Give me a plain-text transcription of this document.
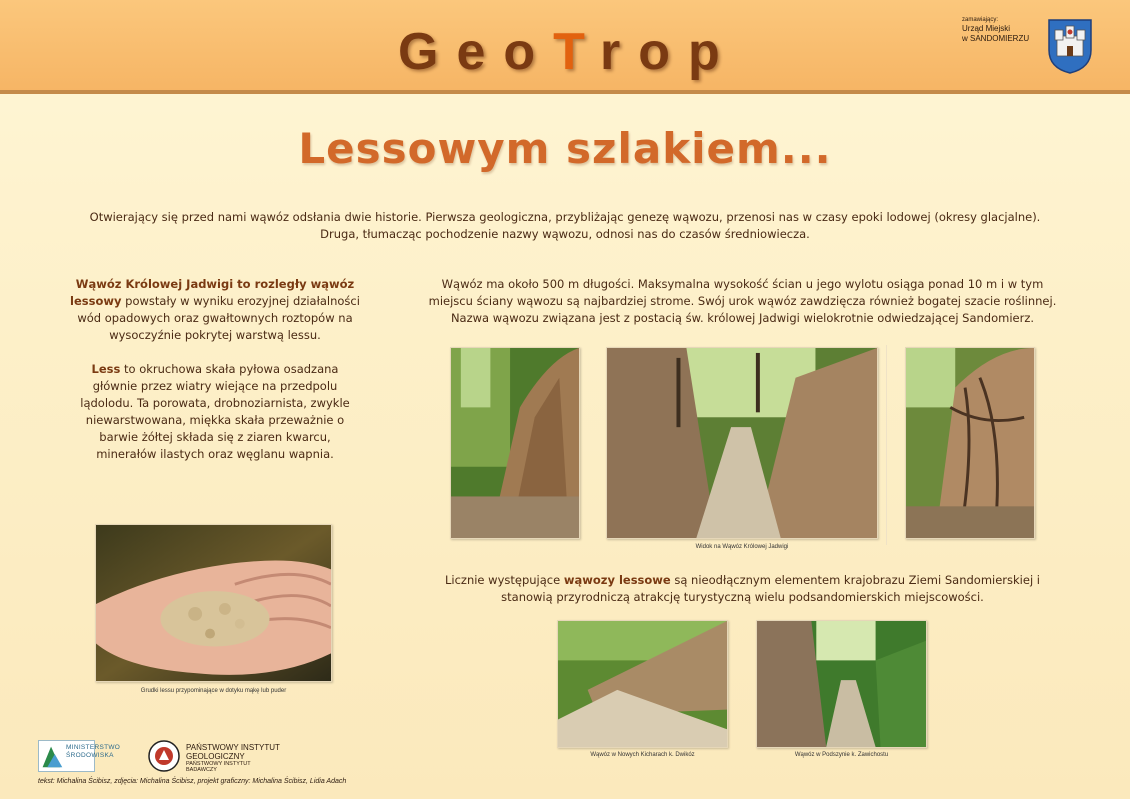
GeoTrop
zamawiający:
Urząd Miejski
w SANDOMIERZU
Lessowym szlakiem...
Otwierający się przed nami wąwóz odsłania dwie historie. Pierwsza geologiczna, przybliżając genezę wąwozu, przenosi nas w czasy epoki lodowej (okresy glacjalne).
Druga, tłumacząc pochodzenie nazwy wąwozu, odnosi nas do czasów średniowiecza.

Wąwóz Królowej Jadwigi to rozległy wąwóz lessowy powstały w wyniku erozyjnej działalności wód opadowych oraz gwałtownych roztopów na wysoczyźnie pokrytej warstwą lessu.

Less to okruchowa skała pyłowa osadzana głównie przez wiatry wiejące na przedpolu lądolodu. Ta porowata, drobnoziarnista, zwykle niewarstwowana, miękka skała przeważnie o barwie żółtej składa się z ziaren kwarcu, minerałów ilastych oraz węglanu wapnia.

Wąwóz ma około 500 m długości. Maksymalna wysokość ścian u jego wylotu osiąga ponad 10 m i w tym miejscu ściany wąwozu są najbardziej strome. Swój urok wąwóz zawdzięcza również bogatej szacie roślinnej. Nazwa wąwozu związana jest z postacią św. królowej Jadwigi wielokrotnie odwiedzającej Sandomierz.
Grudki lessu przypominające w dotyku mąkę lub puder
Widok na Wąwóz Królowej Jadwigi
Licznie występujące wąwozy lessowe są nieodłącznym elementem krajobrazu Ziemi Sandomierskiej i stanowią przyrodniczą atrakcję turystyczną wielu podsandomierskich miejscowości.
Wąwóz w Nowych Kicharach k. Dwikóz	Wąwóz w Podszynie k. Zawichostu
MINISTERSTWO
ŚRODOWISKA
PAŃSTWOWY INSTYTUT
GEOLOGICZNY
PAŃSTWOWY INSTYTUT
BADAWCZY
tekst: Michalina Ścibisz, zdjęcia: Michalina Ścibisz, projekt graficzny: Michalina Ścibisz, Lidia Adach
